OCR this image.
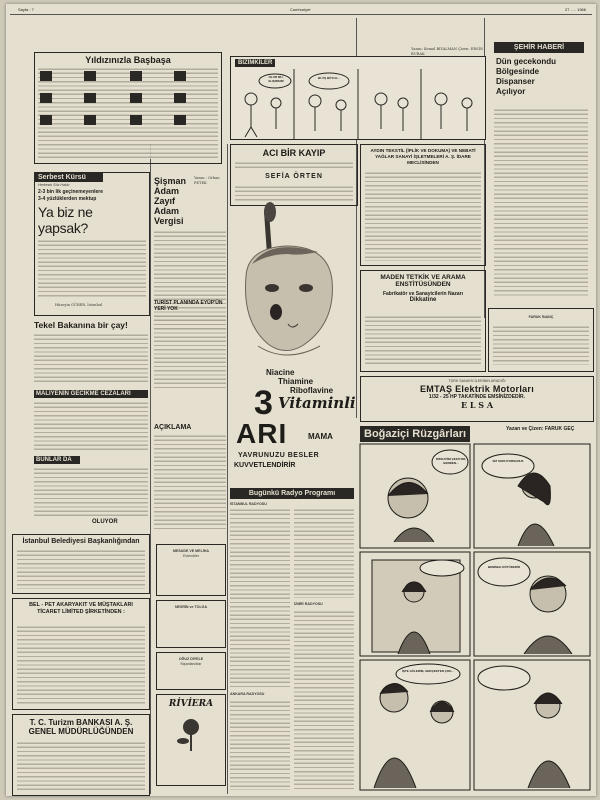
Sayfa : 7	Cumhuriyet	27 ..... 1966
Yıldızınızla Başbaşa
Serbest Kürsü
Herkesin Söz Hakkı
2-3 bin lik geçinemeyenlere
3-4 yüzlüklerden mektup
Ya biz ne yapsak?
Hüseyin GÜRER, İstanbul
Tekel Bakanına bir çay!
MALİYENİN GECİKME CEZALARI
BUNLAR DA
OLUYOR
İstanbul Belediyesi Başkanlığından
BEL - PET AKARYAKIT VE MÜŞTAKLARI TİCARET LİMİTED ŞİRKETİNDEN :
T. C. Turizm BANKASI A. Ş.
GENEL MÜDÜRLÜĞÜNDEN
Şişman
Adam
Zayıf
Adam
Vergisi
Yazan : Orhan PETEK
TURİST PLANINDA EYÜP'ÜN YERİ YOK
AÇIKLAMA
MESUDE VE MELİHA
Evlendiler
NESRİN ve TOLGA
OĞUZ DİYELE
Nişanlandılar
RİVİERA
BİZİMKİLER
Yazan: Kemal BIYALMAN Çizen: ERSİN BURAK
OLUR MU, ALIŞIRSIN!
BU İŞ BÖYLE...
ACI BİR KAYIP
SEFİA ÖRTEN
Niacine
Thiamine
Riboflavine
3 Vitaminli
ARI	MAMA
YAVRUNUZU BESLER
KUVVETLENDİRİR
AYDIN TEKSTİL (İPLİK VE DOKUMA) VE NEBATİ YAĞLAR SANAYİ İŞLETMELERİ A. Ş. İDARE MECLİSİNDEN
ŞEHİR HABERİ
Dün gecekondu
Bölgesinde
Dispanser
Açılıyor
MADEN TETKİK VE ARAMA
ENSTİTÜSÜNDEN
Fabrikatör ve Sanayicilerin Nazarı
Dikkatine
FARUK İNANÇ
TÜRK SANAYİCİLERİNİN ARADIĞI
EMTAŞ Elektrik Motorları
1/32 - 25 HP TAKATİNDE EMSİNİZDEDİR.
E L S A
Bugünkü Radyo Programı
İSTANBUL RADYOSU
İZMİR RADYOSU
ANKARA RADYOSU
Boğaziçi Rüzgârları	Yazan ve Çizen: FARUK GEÇ
DİKKATİNİ ÇEKİYOR, BENDEN...	SİZ SORUYORSUNUZ
BENİMLE KÖTÜDEDİR
İŞTE GÜLERİM, GERÇEKTEN ÇOK...
